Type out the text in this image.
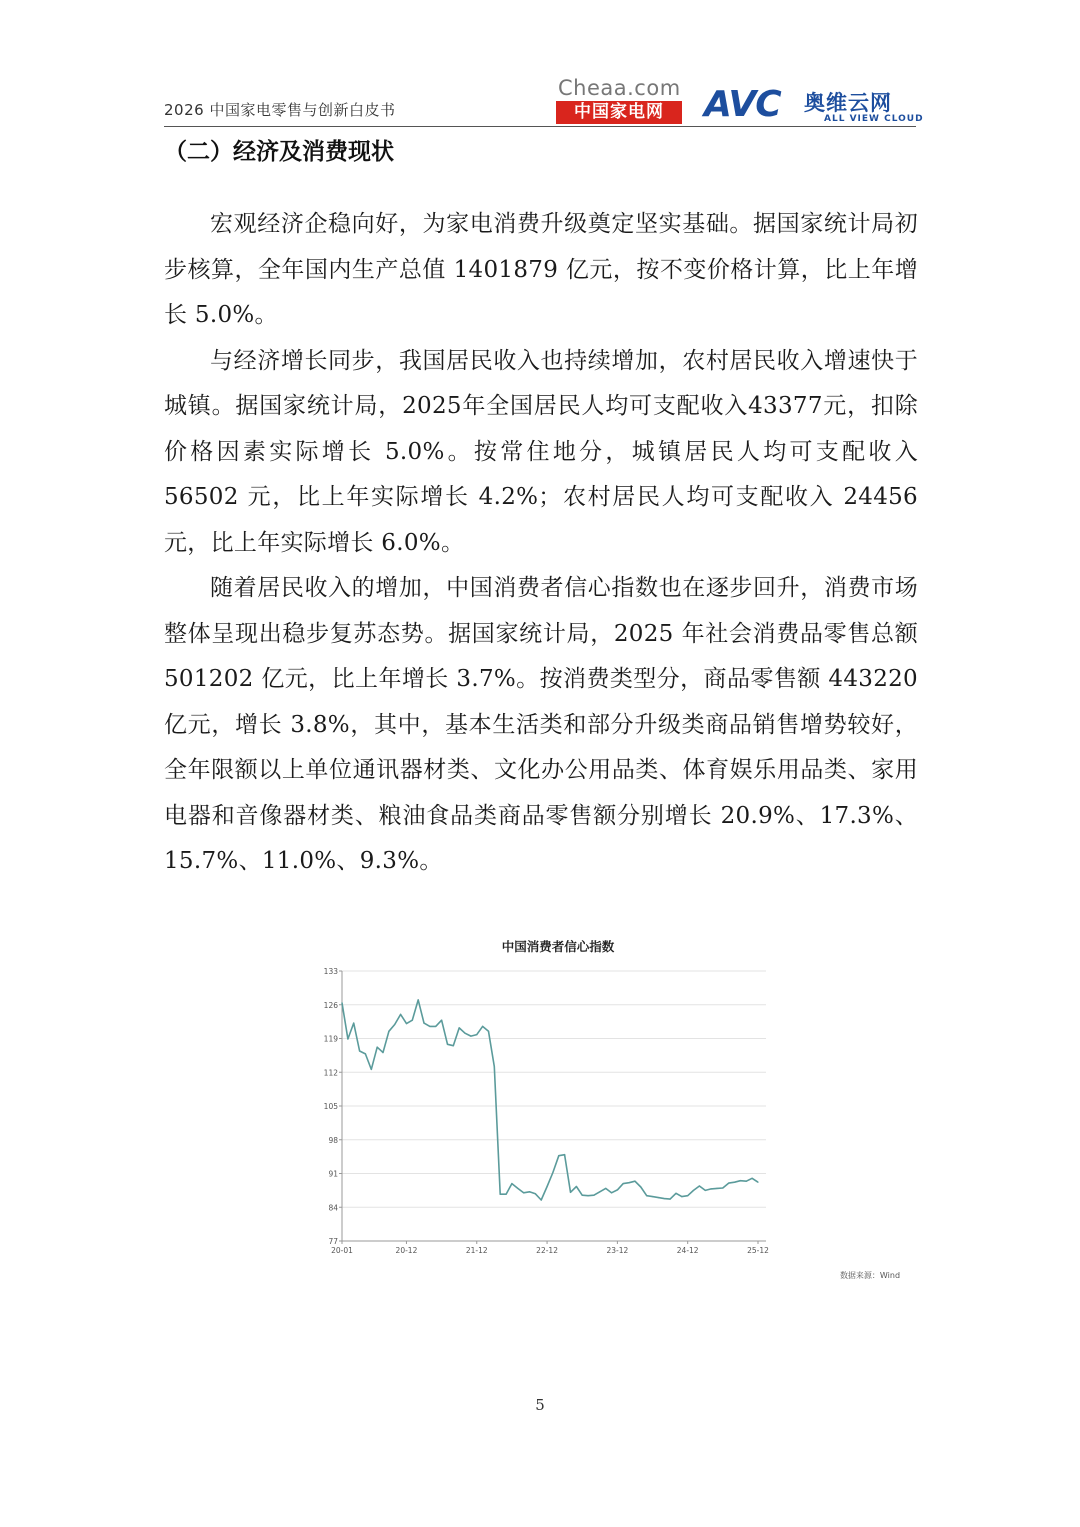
2026 中国家电零售与创新白皮书
Cheaa.com
中国家电网	AVC 奥维云网
ALL VIEW CLOUD
（二）经济及消费现状

宏观经济企稳向好，为家电消费升级奠定坚实基础。据国家统计局初步核算，全年国内生产总值 1401879 亿元，按不变价格计算，比上年增长 5.0%。

与经济增长同步，我国居民收入也持续增加，农村居民收入增速快于城镇。据国家统计局，2025年全国居民人均可支配收入43377元，扣除价格因素实际增长 5.0%。按常住地分，城镇居民人均可支配收入 56502 元，比上年实际增长 4.2%；农村居民人均可支配收入 24456 元，比上年实际增长 6.0%。

随着居民收入的增加，中国消费者信心指数也在逐步回升，消费市场整体呈现出稳步复苏态势。据国家统计局，2025 年社会消费品零售总额 501202 亿元，比上年增长 3.7%。按消费类型分，商品零售额 443220 亿元，增长 3.8%，其中，基本生活类和部分升级类商品销售增势较好，全年限额以上单位通讯器材类、文化办公用品类、体育娱乐用品类、家用电器和音像器材类、粮油食品类商品零售额分别增长 20.9%、17.3%、15.7%、11.0%、9.3%。

中国消费者信心指数
77
84
91
98
105
112
119
126
133
20-01	20-12	21-12	22-12	23-12	24-12	25-12
数据来源：Wind
5
